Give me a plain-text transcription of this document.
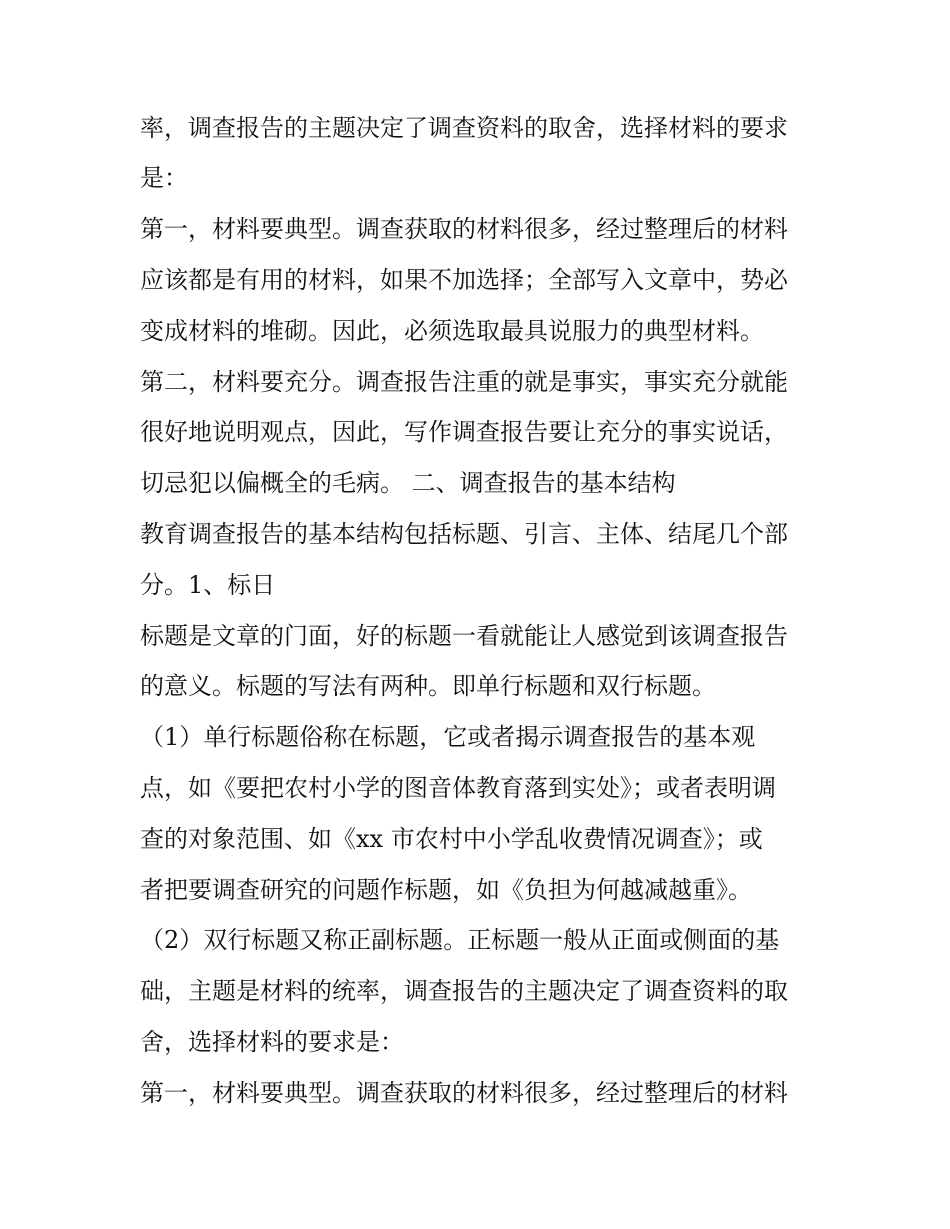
率，调查报告的主题决定了调查资料的取舍，选择材料的要求

是：

第一，材料要典型。调查获取的材料很多，经过整理后的材料

应该都是有用的材料，如果不加选择；全部写入文章中，势必

变成材料的堆砌。因此，必须选取最具说服力的典型材料。

第二，材料要充分。调查报告注重的就是事实，事实充分就能

很好地说明观点，因此，写作调查报告要让充分的事实说话，

切忌犯以偏概全的毛病。 二、调查报告的基本结构

教育调查报告的基本结构包括标题、引言、主体、结尾几个部

分。1、标日

标题是文章的门面，好的标题一看就能让人感觉到该调查报告

的意义。标题的写法有两种。即单行标题和双行标题。

（1）单行标题俗称在标题，它或者揭示调查报告的基本观

点，如《要把农村小学的图音体教育落到实处》；或者表明调

查的对象范围、如《xx 市农村中小学乱收费情况调查》；或

者把要调查研究的问题作标题，如《负担为何越减越重》。

（2）双行标题又称正副标题。正标题一般从正面或侧面的基

础，主题是材料的统率，调查报告的主题决定了调查资料的取

舍，选择材料的要求是：

第一，材料要典型。调查获取的材料很多，经过整理后的材料
